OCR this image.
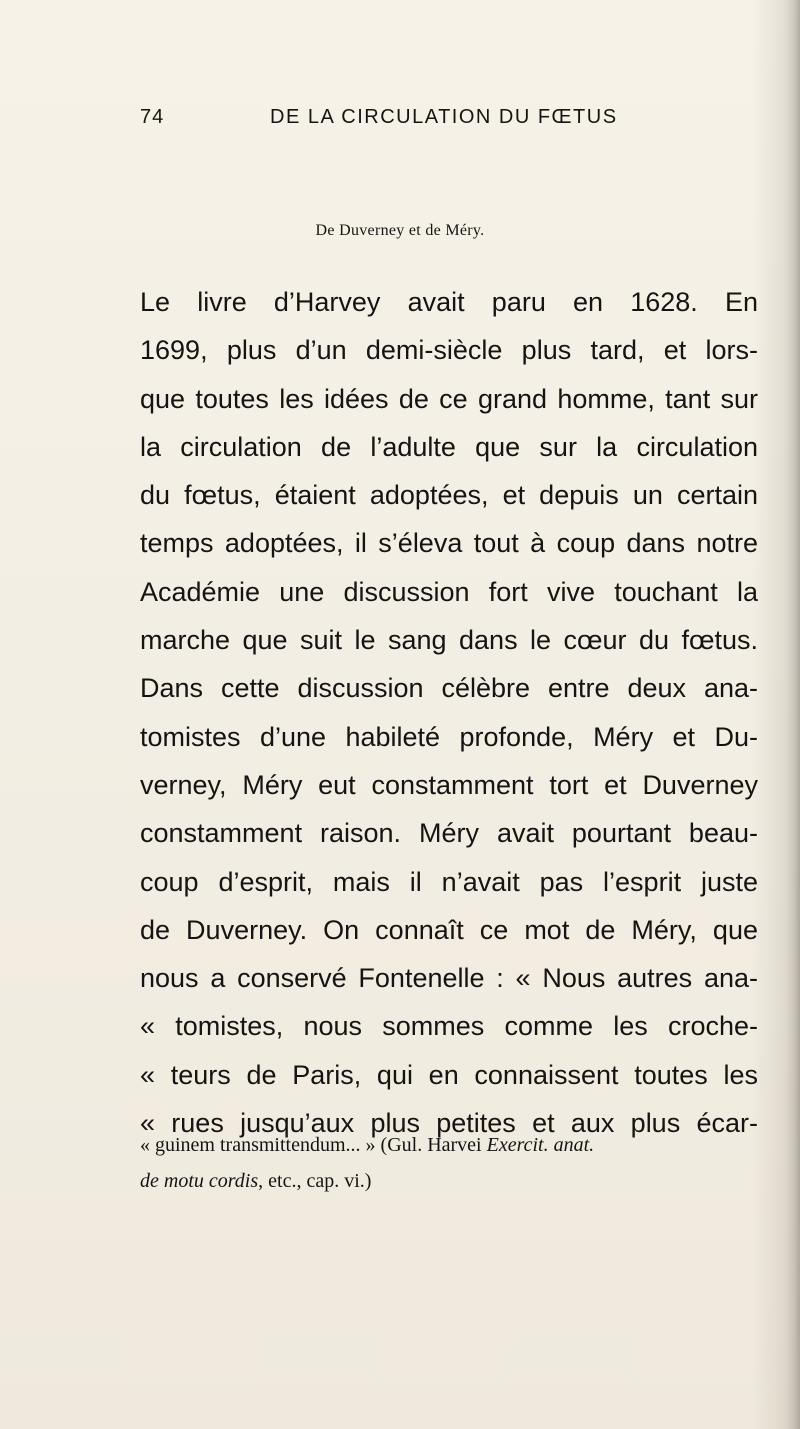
74	DE LA CIRCULATION DU FŒTUS
De Duverney et de Méry.
Le livre d’Harvey avait paru en 1628. En
1699, plus d’un demi-siècle plus tard, et lors-
que toutes les idées de ce grand homme, tant sur
la circulation de l’adulte que sur la circulation
du fœtus, étaient adoptées, et depuis un certain
temps adoptées, il s’éleva tout à coup dans notre
Académie une discussion fort vive touchant la
marche que suit le sang dans le cœur du fœtus.
Dans cette discussion célèbre entre deux ana-
tomistes d’une habileté profonde, Méry et Du-
verney, Méry eut constamment tort et Duverney
constamment raison. Méry avait pourtant beau-
coup d’esprit, mais il n’avait pas l’esprit juste
de Duverney. On connaît ce mot de Méry, que
nous a conservé Fontenelle : « Nous autres ana-
« tomistes, nous sommes comme les croche-
« teurs de Paris, qui en connaissent toutes les
« rues jusqu’aux plus petites et aux plus écar-
« guinem transmittendum... » (Gul. Harvei Exercit. anat.
de motu cordis, etc., cap. vi.)
